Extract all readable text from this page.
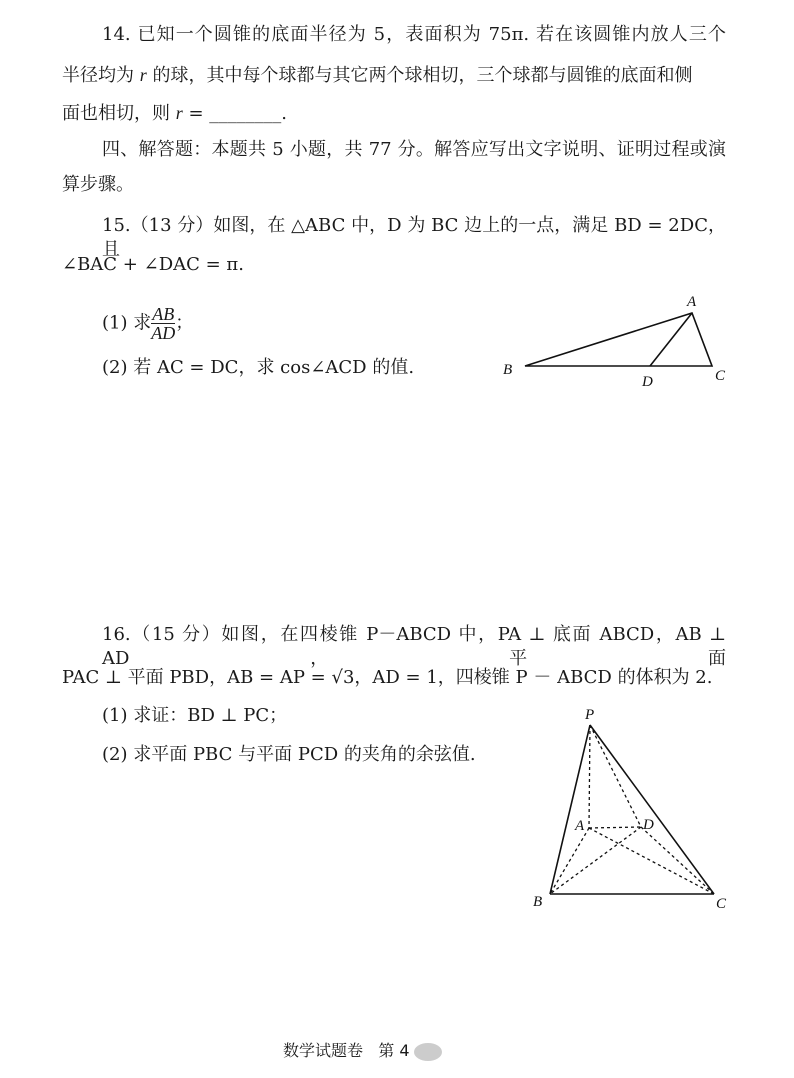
14. 已知一个圆锥的底面半径为 5，表面积为 75π. 若在该圆锥内放人三个
半径均为 r 的球，其中每个球都与其它两个球相切，三个球都与圆锥的底面和侧
面也相切，则 r = ________.
四、解答题：本题共 5 小题，共 77 分。解答应写出文字说明、证明过程或演
算步骤。
15.（13 分）如图，在 △ABC 中，D 为 BC 边上的一点，满足 BD = 2DC，且
∠BAC + ∠DAC = π.
(1) 求 $\frac{AB}{AD}$ ；
(2) 若 AC = DC，求 cos∠ACD 的值.
16.（15 分）如图，在四棱锥 P－ABCD 中，PA ⊥ 底面 ABCD，AB ⊥ AD，平面
PAC ⊥ 平面 PBD，AB = AP = √3，AD = 1，四棱锥 P － ABCD 的体积为 2.
(1) 求证：BD ⊥ PC；
(2) 求平面 PBC 与平面 PCD 的夹角的余弦值.
A
B	C
D
P
A	D
B	C
数学试题卷 第 4
